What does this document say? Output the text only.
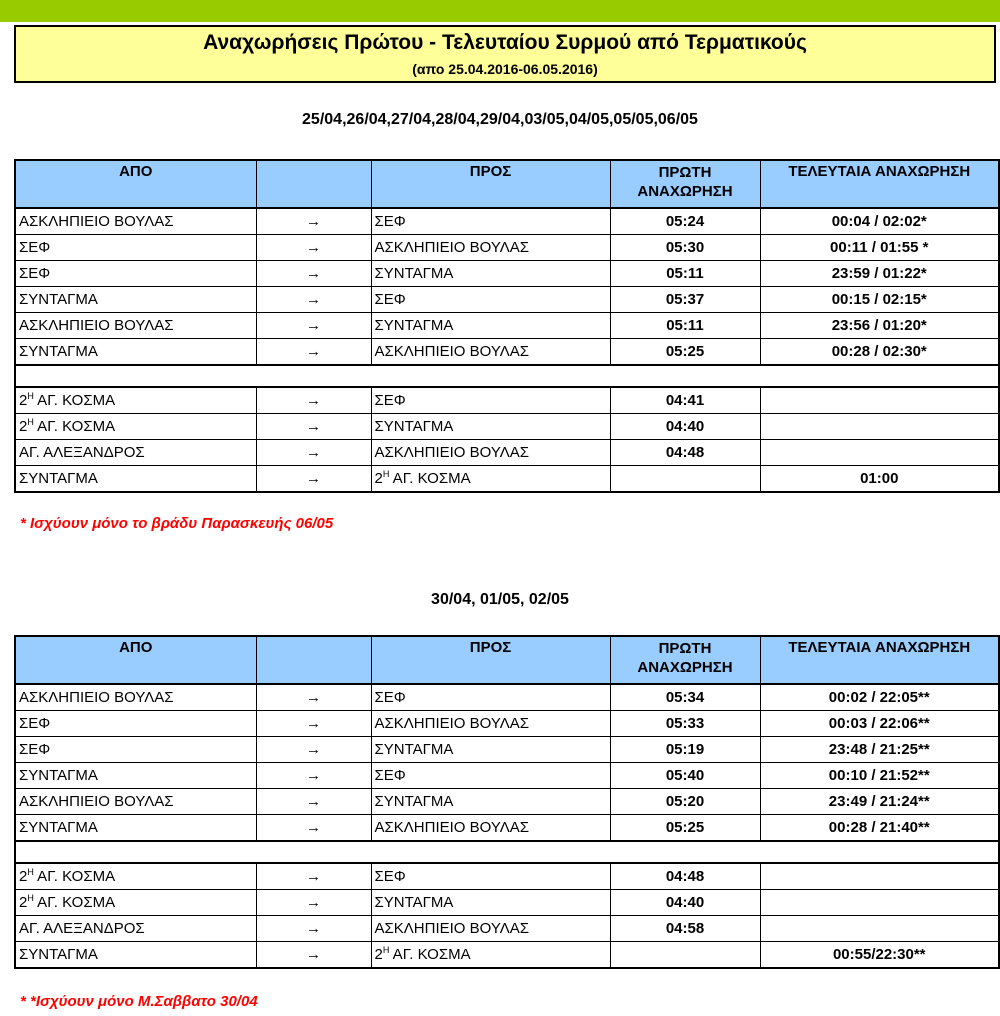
Αναχωρήσεις Πρώτου - Τελευταίου Συρμού από Τερματικούς
(απο 25.04.2016-06.05.2016)
25/04,26/04,27/04,28/04,29/04,03/05,04/05,05/05,06/05
ΑΠΟ		ΠΡΟΣ	ΠΡΩΤΗ ΑΝΑΧΩΡΗΣΗ	ΤΕΛΕΥΤΑΙΑ ΑΝΑΧΩΡΗΣΗ
ΑΣΚΛΗΠΙΕΙΟ ΒΟΥΛΑΣ	→	ΣΕΦ	05:24	00:04 / 02:02*
ΣΕΦ	→	ΑΣΚΛΗΠΙΕΙΟ ΒΟΥΛΑΣ	05:30	00:11 / 01:55 *
ΣΕΦ	→	ΣΥΝΤΑΓΜΑ	05:11	23:59 / 01:22*
ΣΥΝΤΑΓΜΑ	→	ΣΕΦ	05:37	00:15 / 02:15*
ΑΣΚΛΗΠΙΕΙΟ ΒΟΥΛΑΣ	→	ΣΥΝΤΑΓΜΑ	05:11	23:56 / 01:20*
ΣΥΝΤΑΓΜΑ	→	ΑΣΚΛΗΠΙΕΙΟ ΒΟΥΛΑΣ	05:25	00:28 / 02:30*

$2^H$ ΑΓ. ΚΟΣΜΑ	→	ΣΕΦ	04:41	
$2^H$ ΑΓ. ΚΟΣΜΑ	→	ΣΥΝΤΑΓΜΑ	04:40	
ΑΓ. ΑΛΕΞΑΝΔΡΟΣ	→	ΑΣΚΛΗΠΙΕΙΟ ΒΟΥΛΑΣ	04:48	
ΣΥΝΤΑΓΜΑ	→	$2^H$ ΑΓ. ΚΟΣΜΑ		01:00
* Ισχύουν μόνο το βράδυ Παρασκευής 06/05
30/04, 01/05, 02/05
ΑΠΟ		ΠΡΟΣ	ΠΡΩΤΗ ΑΝΑΧΩΡΗΣΗ	ΤΕΛΕΥΤΑΙΑ ΑΝΑΧΩΡΗΣΗ
ΑΣΚΛΗΠΙΕΙΟ ΒΟΥΛΑΣ	→	ΣΕΦ	05:34	00:02 / 22:05**
ΣΕΦ	→	ΑΣΚΛΗΠΙΕΙΟ ΒΟΥΛΑΣ	05:33	00:03 / 22:06**
ΣΕΦ	→	ΣΥΝΤΑΓΜΑ	05:19	23:48 / 21:25**
ΣΥΝΤΑΓΜΑ	→	ΣΕΦ	05:40	00:10 / 21:52**
ΑΣΚΛΗΠΙΕΙΟ ΒΟΥΛΑΣ	→	ΣΥΝΤΑΓΜΑ	05:20	23:49 / 21:24**
ΣΥΝΤΑΓΜΑ	→	ΑΣΚΛΗΠΙΕΙΟ ΒΟΥΛΑΣ	05:25	00:28 / 21:40**

$2^H$ ΑΓ. ΚΟΣΜΑ	→	ΣΕΦ	04:48	
$2^H$ ΑΓ. ΚΟΣΜΑ	→	ΣΥΝΤΑΓΜΑ	04:40	
ΑΓ. ΑΛΕΞΑΝΔΡΟΣ	→	ΑΣΚΛΗΠΙΕΙΟ ΒΟΥΛΑΣ	04:58	
ΣΥΝΤΑΓΜΑ	→	$2^H$ ΑΓ. ΚΟΣΜΑ		00:55/22:30**
* *Ισχύουν μόνο Μ.Σαββατο 30/04
